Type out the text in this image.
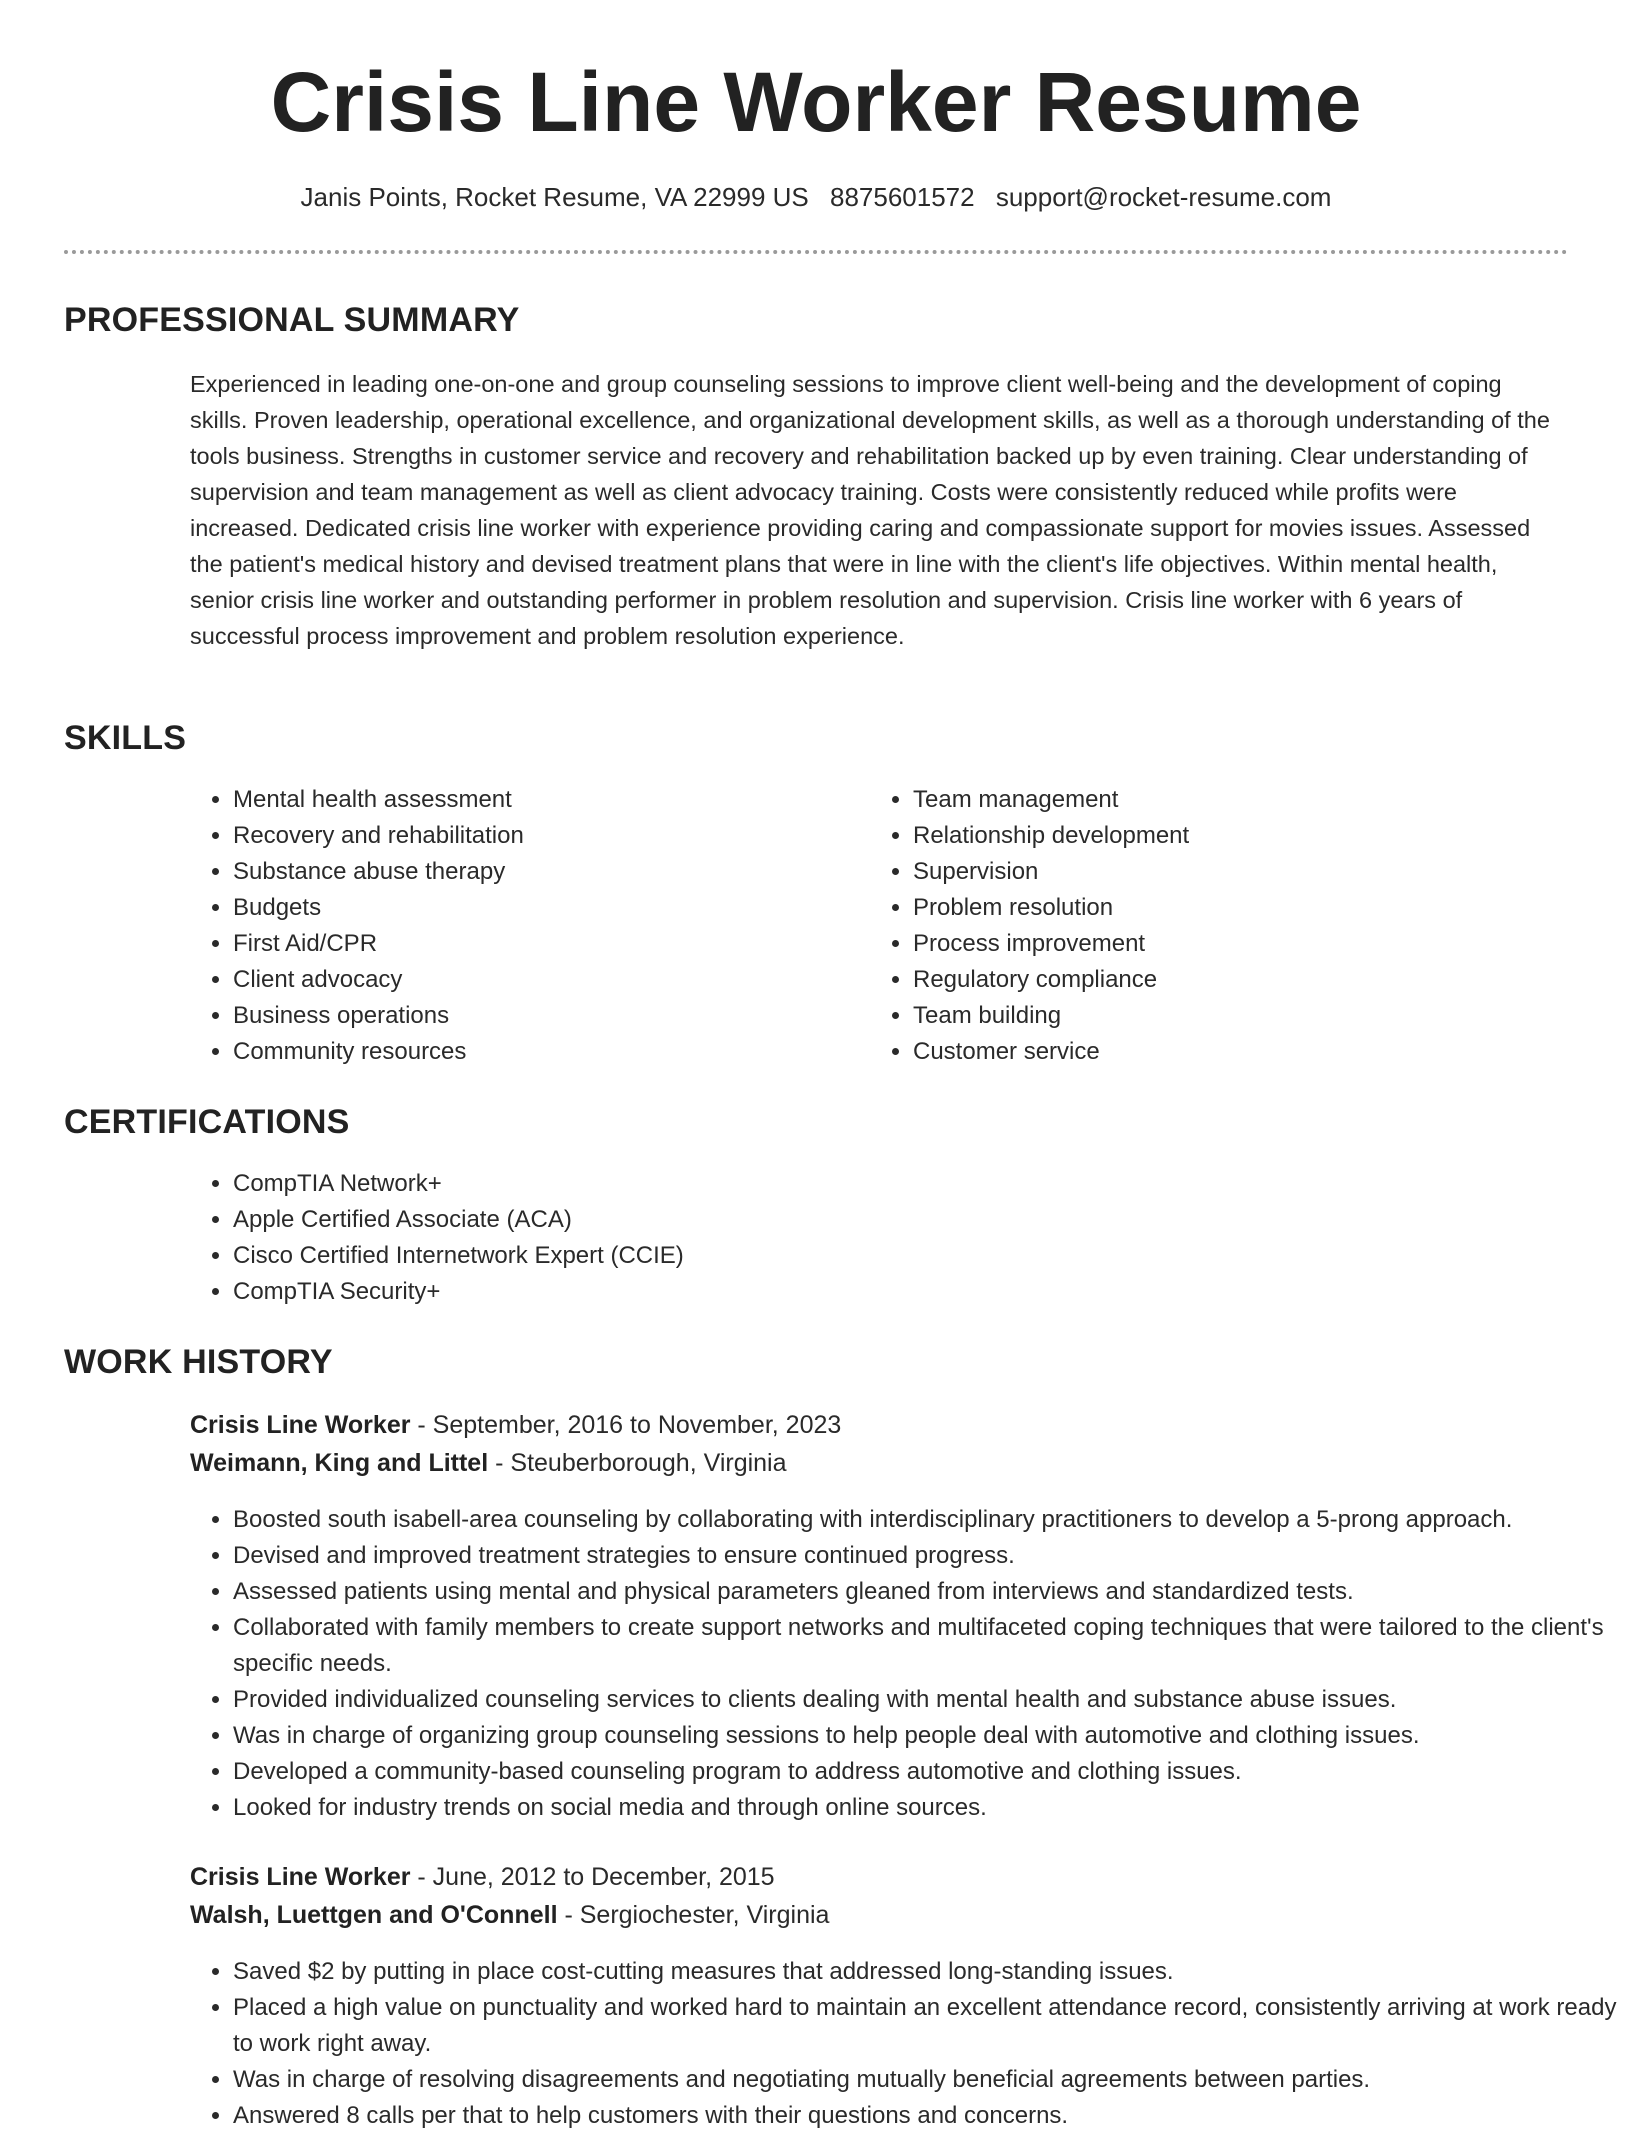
Crisis Line Worker Resume
Janis Points, Rocket Resume, VA 22999 US 8875601572 support@rocket-resume.com
PROFESSIONAL SUMMARY

Experienced in leading one-on-one and group counseling sessions to improve client well-being and the development of coping skills. Proven leadership, operational excellence, and organizational development skills, as well as a thorough understanding of the tools business. Strengths in customer service and recovery and rehabilitation backed up by even training. Clear understanding of supervision and team management as well as client advocacy training. Costs were consistently reduced while profits were increased. Dedicated crisis line worker with experience providing caring and compassionate support for movies issues. Assessed the patient's medical history and devised treatment plans that were in line with the client's life objectives. Within mental health, senior crisis line worker and outstanding performer in problem resolution and supervision. Crisis line worker with 6 years of successful process improvement and problem resolution experience.

SKILLS
• Mental health assessment
• Recovery and rehabilitation
• Substance abuse therapy
• Budgets
• First Aid/CPR
• Client advocacy
• Business operations
• Community resources
• Team management
• Relationship development
• Supervision
• Problem resolution
• Process improvement
• Regulatory compliance
• Team building
• Customer service
CERTIFICATIONS
• CompTIA Network+
• Apple Certified Associate (ACA)
• Cisco Certified Internetwork Expert (CCIE)
• CompTIA Security+
WORK HISTORY
Crisis Line Worker - September, 2016 to November, 2023
Weimann, King and Littel - Steuberborough, Virginia
• Boosted south isabell-area counseling by collaborating with interdisciplinary practitioners to develop a 5-prong approach.
• Devised and improved treatment strategies to ensure continued progress.
• Assessed patients using mental and physical parameters gleaned from interviews and standardized tests.
• Collaborated with family members to create support networks and multifaceted coping techniques that were tailored to the client's specific needs.
• Provided individualized counseling services to clients dealing with mental health and substance abuse issues.
• Was in charge of organizing group counseling sessions to help people deal with automotive and clothing issues.
• Developed a community-based counseling program to address automotive and clothing issues.
• Looked for industry trends on social media and through online sources.
Crisis Line Worker - June, 2012 to December, 2015
Walsh, Luettgen and O'Connell - Sergiochester, Virginia
• Saved $2 by putting in place cost-cutting measures that addressed long-standing issues.
• Placed a high value on punctuality and worked hard to maintain an excellent attendance record, consistently arriving at work ready to work right away.
• Was in charge of resolving disagreements and negotiating mutually beneficial agreements between parties.
• Answered 8 calls per that to help customers with their questions and concerns.
